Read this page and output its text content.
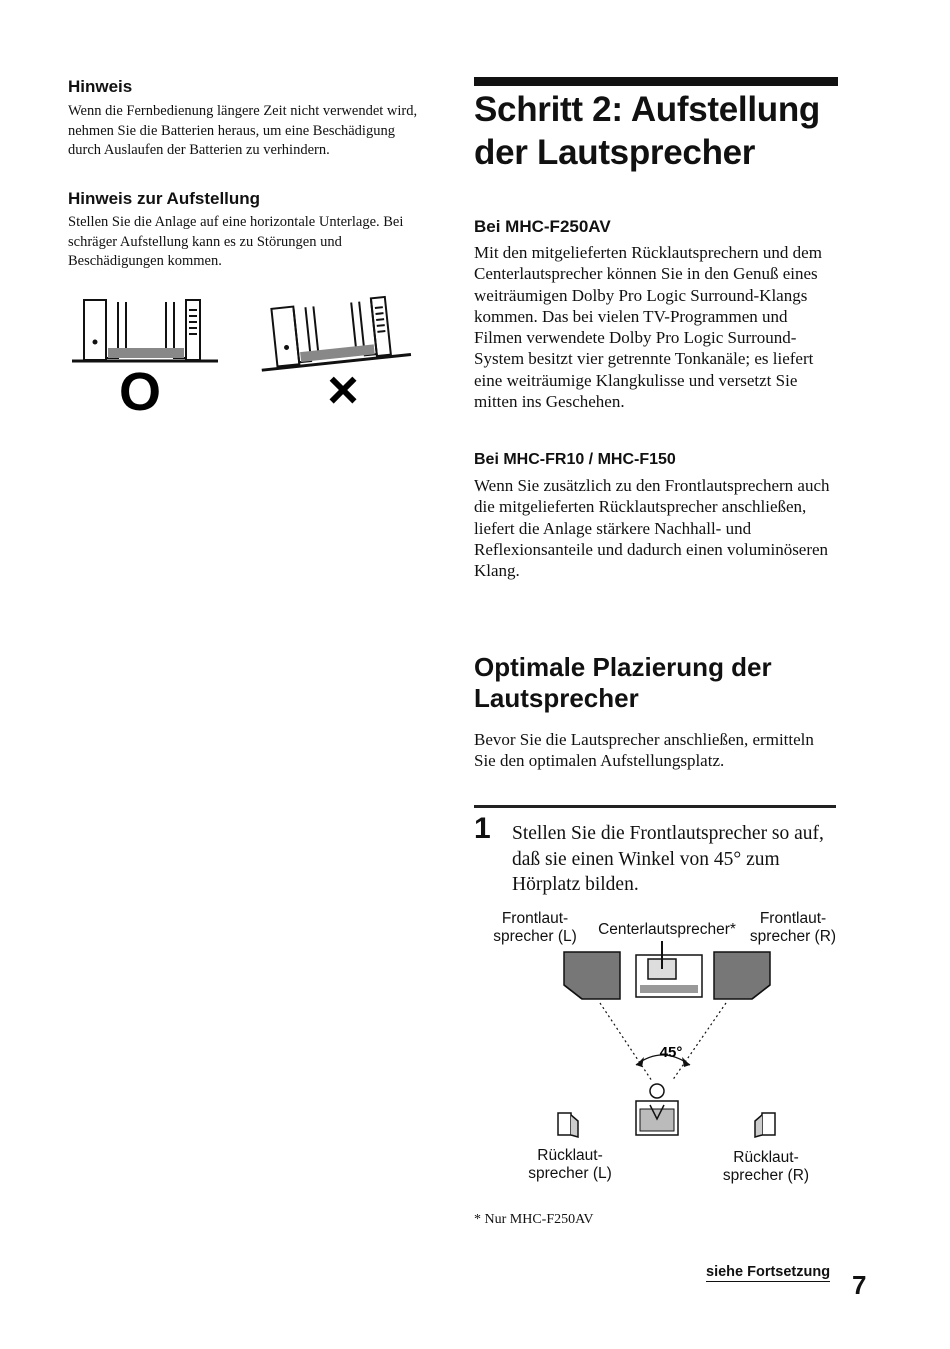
Hinweis
Wenn die Fernbedienung längere Zeit nicht verwendet wird, nehmen Sie die Batterien heraus, um eine Beschädigung durch Auslaufen der Batterien zu verhindern.
Hinweis zur Aufstellung
Stellen Sie die Anlage auf eine horizontale Unterlage. Bei schräger Aufstellung kann es zu Störungen und Beschädigungen kommen.
O	×
Schritt 2: Aufstellung der Lautsprecher
Bei MHC-F250AV
Mit den mitgelieferten Rücklautsprechern und dem Centerlautsprecher können Sie in den Genuß eines weiträumigen Dolby Pro Logic Surround-Klangs kommen. Das bei vielen TV-Programmen und Filmen verwendete Dolby Pro Logic Surround-System besitzt vier getrennte Tonkanäle; es liefert eine weiträumige Klangkulisse und versetzt Sie mitten ins Geschehen.
Bei MHC-FR10 / MHC-F150
Wenn Sie zusätzlich zu den Frontlautsprechern auch die mitgelieferten Rücklautsprecher anschließen, liefert die Anlage stärkere Nachhall- und Reflexionsanteile und dadurch einen voluminöseren Klang.
Optimale Plazierung der Lautsprecher
Bevor Sie die Lautsprecher anschließen, ermitteln Sie den optimalen Aufstellungsplatz.
1 Stellen Sie die Frontlautsprecher so auf, daß sie einen Winkel von 45° zum Hörplatz bilden.
Frontlaut-
sprecher (L)	Centerlautsprecher*
Frontlaut-
sprecher (R)
45°
Rücklaut-
sprecher (L)
Rücklaut-
sprecher (R)
* Nur MHC-F250AV
siehe Fortsetzung 7
